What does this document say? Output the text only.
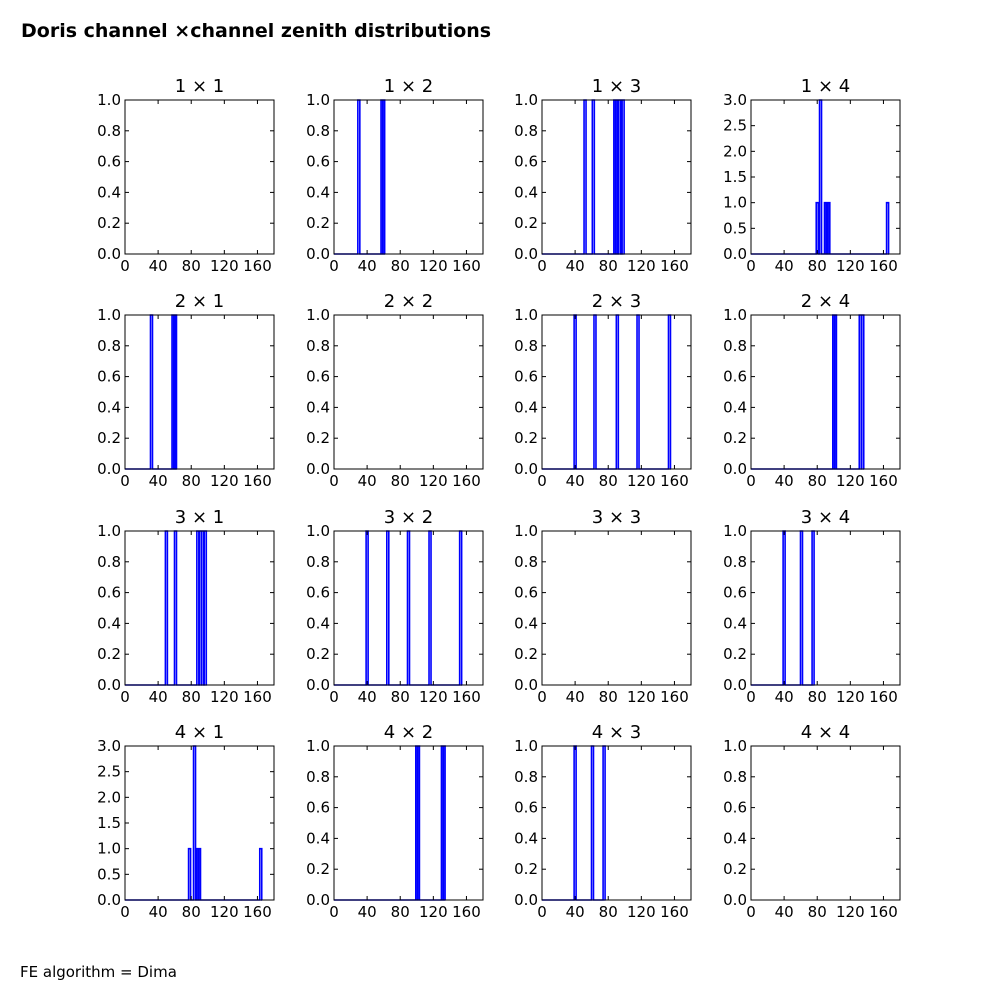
Doris channel ×channel zenith distributions
1 × 1
0 40 80 120 160
0.0
0.2
0.4
0.6
0.8
1.0
1 × 2
0 40 80 120 160
0.0
0.2
0.4
0.6
0.8
1.0
1 × 3
0 40 80 120 160
0.0
0.2
0.4
0.6
0.8
1.0
1 × 4
0 40 80 120 160
0.0
0.5
1.0
1.5
2.0
2.5
3.0
2 × 1
0 40 80 120 160
0.0
0.2
0.4
0.6
0.8
1.0
2 × 2
0 40 80 120 160
0.0
0.2
0.4
0.6
0.8
1.0
2 × 3
0 40 80 120 160
0.0
0.2
0.4
0.6
0.8
1.0
2 × 4
0 40 80 120 160
0.0
0.2
0.4
0.6
0.8
1.0
3 × 1
0 40 80 120 160
0.0
0.2
0.4
0.6
0.8
1.0
3 × 2
0 40 80 120 160
0.0
0.2
0.4
0.6
0.8
1.0
3 × 3
0 40 80 120 160
0.0
0.2
0.4
0.6
0.8
1.0
3 × 4
0 40 80 120 160
0.0
0.2
0.4
0.6
0.8
1.0
4 × 1
0 40 80 120 160
0.0
0.5
1.0
1.5
2.0
2.5
3.0
4 × 2
0 40 80 120 160
0.0
0.2
0.4
0.6
0.8
1.0
4 × 3
0 40 80 120 160
0.0
0.2
0.4
0.6
0.8
1.0
4 × 4
0 40 80 120 160
0.0
0.2
0.4
0.6
0.8
1.0
FE algorithm = Dima
